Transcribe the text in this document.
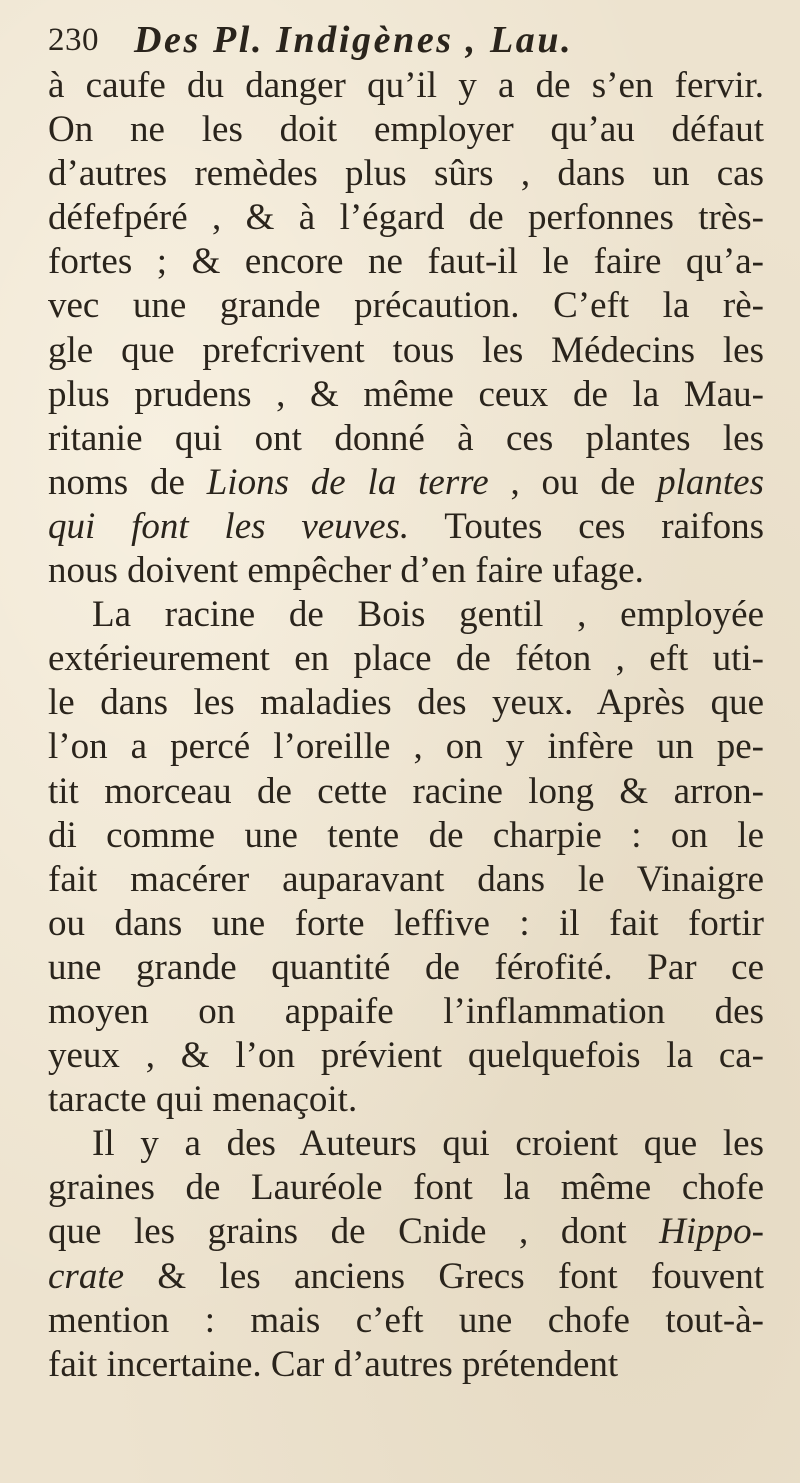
230 Des Pl. Indigènes , Lau.
à caufe du danger qu’il y a de s’en fervir.
On ne les doit employer qu’au défaut
d’autres remèdes plus sûrs , dans un cas
défefpéré , & à l’égard de perfonnes très-
fortes ; & encore ne faut-il le faire qu’a-
vec une grande précaution. C’eft la rè-
gle que prefcrivent tous les Médecins les
plus prudens , & même ceux de la Mau-
ritanie qui ont donné à ces plantes les
noms de Lions de la terre , ou de plantes
qui font les veuves. Toutes ces raifons
nous doivent empêcher d’en faire ufage.
La racine de Bois gentil , employée
extérieurement en place de féton , eft uti-
le dans les maladies des yeux. Après que
l’on a percé l’oreille , on y infère un pe-
tit morceau de cette racine long & arron-
di comme une tente de charpie : on le
fait macérer auparavant dans le Vinaigre
ou dans une forte leffive : il fait fortir
une grande quantité de férofité. Par ce
moyen on appaife l’inflammation des
yeux , & l’on prévient quelquefois la ca-
taracte qui menaçoit.
Il y a des Auteurs qui croient que les
graines de Lauréole font la même chofe
que les grains de Cnide , dont Hippo-
crate & les anciens Grecs font fouvent
mention : mais c’eft une chofe tout-à-
fait incertaine. Car d’autres prétendent
